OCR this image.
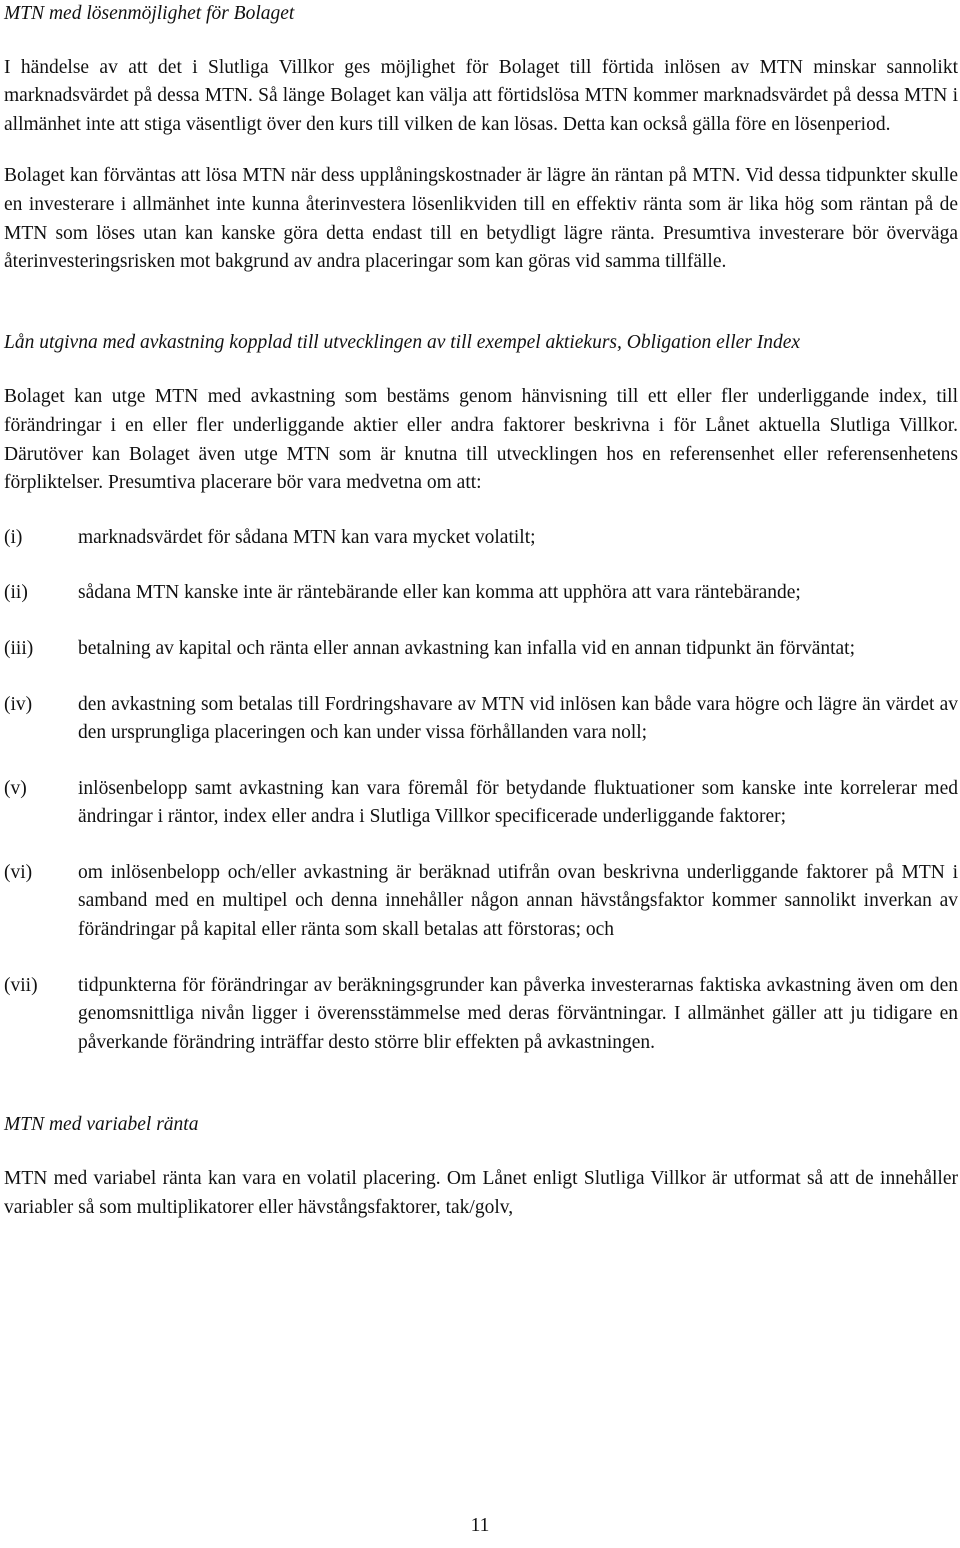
MTN med lösenmöjlighet för Bolaget

I händelse av att det i Slutliga Villkor ges möjlighet för Bolaget till förtida inlösen av MTN minskar sannolikt marknadsvärdet på dessa MTN. Så länge Bolaget kan välja att förtidslösa MTN kommer marknadsvärdet på dessa MTN i allmänhet inte att stiga väsentligt över den kurs till vilken de kan lösas. Detta kan också gälla före en lösenperiod.

Bolaget kan förväntas att lösa MTN när dess upplåningskostnader är lägre än räntan på MTN. Vid dessa tidpunkter skulle en investerare i allmänhet inte kunna återinvestera lösenlikviden till en effektiv ränta som är lika hög som räntan på de MTN som löses utan kan kanske göra detta endast till en betydligt lägre ränta. Presumtiva investerare bör överväga återinvesteringsrisken mot bakgrund av andra placeringar som kan göras vid samma tillfälle.

Lån utgivna med avkastning kopplad till utvecklingen av till exempel aktiekurs, Obligation eller Index

Bolaget kan utge MTN med avkastning som bestäms genom hänvisning till ett eller fler underliggande index, till förändringar i en eller fler underliggande aktier eller andra faktorer beskrivna i för Lånet aktuella Slutliga Villkor. Därutöver kan Bolaget även utge MTN som är knutna till utvecklingen hos en referensenhet eller referensenhetens förpliktelser. Presumtiva placerare bör vara medvetna om att:

(i)	marknadsvärdet för sådana MTN kan vara mycket volatilt;
(ii)	sådana MTN kanske inte är räntebärande eller kan komma att upphöra att vara räntebärande;
(iii)	betalning av kapital och ränta eller annan avkastning kan infalla vid en annan tidpunkt än förväntat;
(iv)	den avkastning som betalas till Fordringshavare av MTN vid inlösen kan både vara högre och lägre än värdet av den ursprungliga placeringen och kan under vissa förhållanden vara noll;
(v)	inlösenbelopp samt avkastning kan vara föremål för betydande fluktuationer som kanske inte korrelerar med ändringar i räntor, index eller andra i Slutliga Villkor specificerade underliggande faktorer;
(vi)	om inlösenbelopp och/eller avkastning är beräknad utifrån ovan beskrivna underliggande faktorer på MTN i samband med en multipel och denna innehåller någon annan hävstångsfaktor kommer sannolikt inverkan av förändringar på kapital eller ränta som skall betalas att förstoras; och
(vii)	tidpunkterna för förändringar av beräkningsgrunder kan påverka investerarnas faktiska avkastning även om den genomsnittliga nivån ligger i överensstämmelse med deras förväntningar. I allmänhet gäller att ju tidigare en påverkande förändring inträffar desto större blir effekten på avkastningen.

MTN med variabel ränta

MTN med variabel ränta kan vara en volatil placering. Om Lånet enligt Slutliga Villkor är utformat så att de innehåller variabler så som multiplikatorer eller hävstångsfaktorer, tak/golv,

11
